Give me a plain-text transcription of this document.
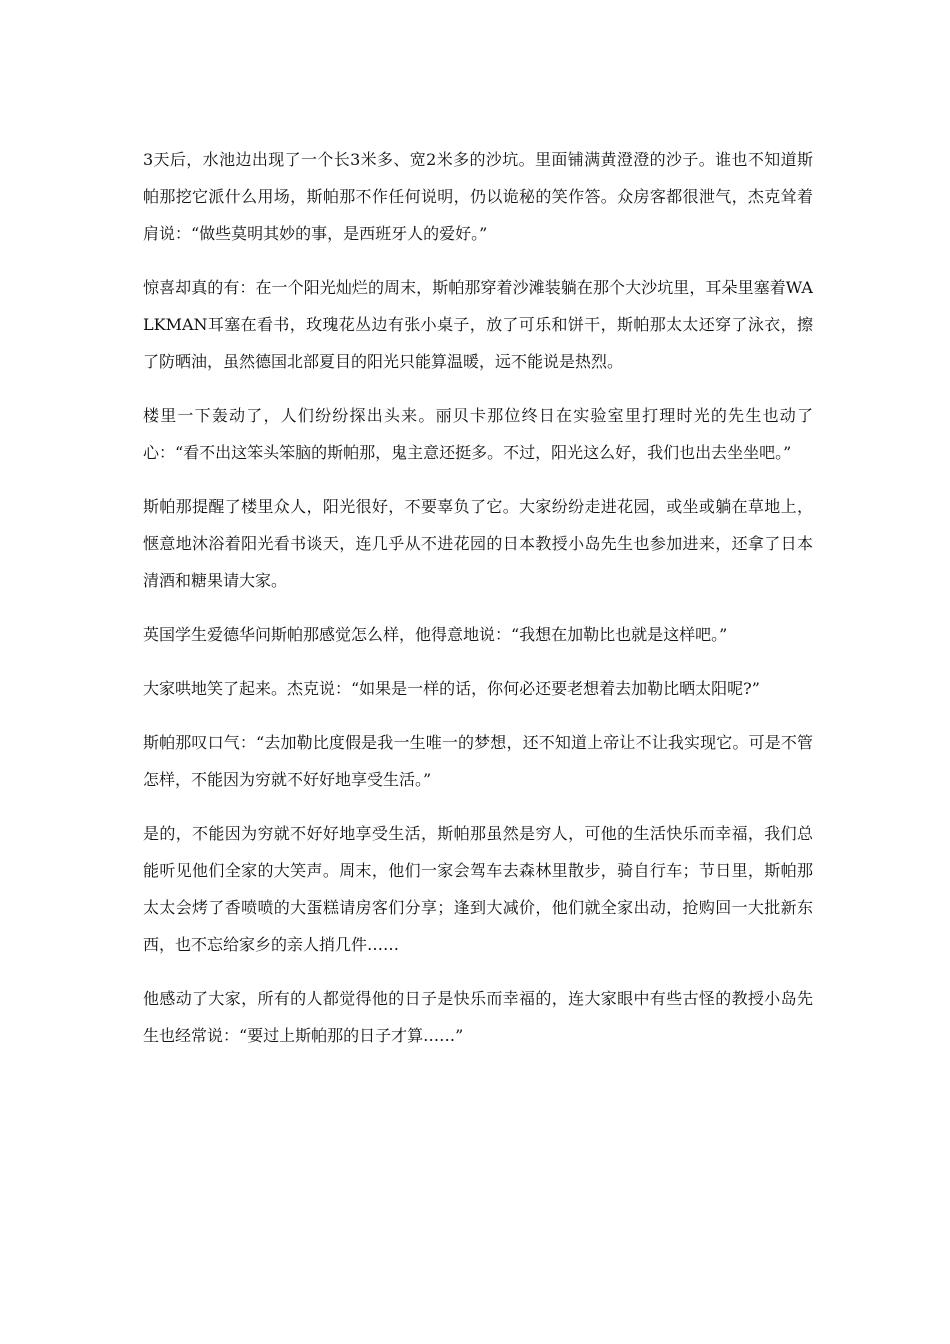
3天后，水池边出现了一个长3米多、宽2米多的沙坑。里面铺满黄澄澄的沙子。谁也不知道斯帕那挖它派什么用场，斯帕那不作任何说明，仍以诡秘的笑作答。众房客都很泄气，杰克耸着肩说：“做些莫明其妙的事，是西班牙人的爱好。”

惊喜却真的有：在一个阳光灿烂的周末，斯帕那穿着沙滩装躺在那个大沙坑里，耳朵里塞着WALKMAN耳塞在看书，玫瑰花丛边有张小桌子，放了可乐和饼干，斯帕那太太还穿了泳衣，擦了防晒油，虽然德国北部夏目的阳光只能算温暖，远不能说是热烈。

楼里一下轰动了，人们纷纷探出头来。丽贝卡那位终日在实验室里打理时光的先生也动了心：“看不出这笨头笨脑的斯帕那，鬼主意还挺多。不过，阳光这么好，我们也出去坐坐吧。”

斯帕那提醒了楼里众人，阳光很好，不要辜负了它。大家纷纷走进花园，或坐或躺在草地上，惬意地沐浴着阳光看书谈天，连几乎从不进花园的日本教授小岛先生也参加进来，还拿了日本清酒和糖果请大家。

英国学生爱德华问斯帕那感觉怎么样，他得意地说：“我想在加勒比也就是这样吧。”

大家哄地笑了起来。杰克说：“如果是一样的话，你何必还要老想着去加勒比晒太阳呢?”

斯帕那叹口气：“去加勒比度假是我一生唯一的梦想，还不知道上帝让不让我实现它。可是不管怎样，不能因为穷就不好好地享受生活。”

是的，不能因为穷就不好好地享受生活，斯帕那虽然是穷人，可他的生活快乐而幸福，我们总能听见他们全家的大笑声。周末，他们一家会驾车去森林里散步，骑自行车；节日里，斯帕那太太会烤了香喷喷的大蛋糕请房客们分享；逢到大减价，他们就全家出动，抢购回一大批新东西，也不忘给家乡的亲人捎几件……

他感动了大家，所有的人都觉得他的日子是快乐而幸福的，连大家眼中有些古怪的教授小岛先生也经常说：“要过上斯帕那的日子才算……”
